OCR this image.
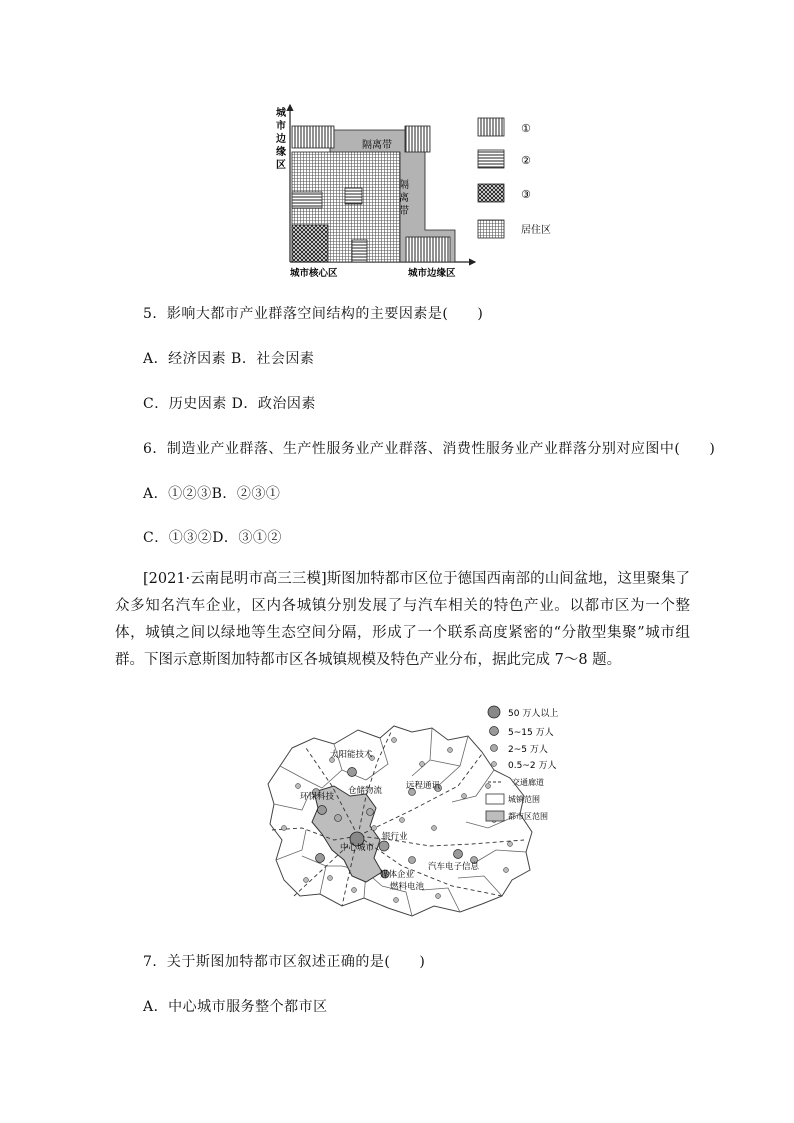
隔离带
隔 离 带
城 市 边 缘 区
城市核心区	城市边缘区
①
②
③
居住区
5．影响大都市产业群落空间结构的主要因素是(　　)
A．经济因素 B．社会因素
C．历史因素 D．政治因素
6．制造业产业群落、生产性服务业产业群落、消费性服务业产业群落分别对应图中(　　)
A．①②③B．②③①
C．①③②D．③①②
[2021·云南昆明市高三三模]斯图加特都市区位于德国西南部的山间盆地，这里聚集了众多知名汽车企业，区内各城镇分别发展了与汽车相关的特色产业。以都市区为一个整体，城镇之间以绿地等生态空间分隔，形成了一个联系高度紧密的“分散型集聚”城市组群。下图示意斯图加特都市区各城镇规模及特色产业分布，据此完成 7～8 题。
太阳能技术
环保科技
仓储物流	远程通讯
中心城市
银行业
媒体企业
燃料电池
汽车电子信息
50 万人以上
5~15 万人
2~5 万人
0.5~2 万人
交通廊道
城镇范围
都市区范围
7．关于斯图加特都市区叙述正确的是(　　)
A．中心城市服务整个都市区
